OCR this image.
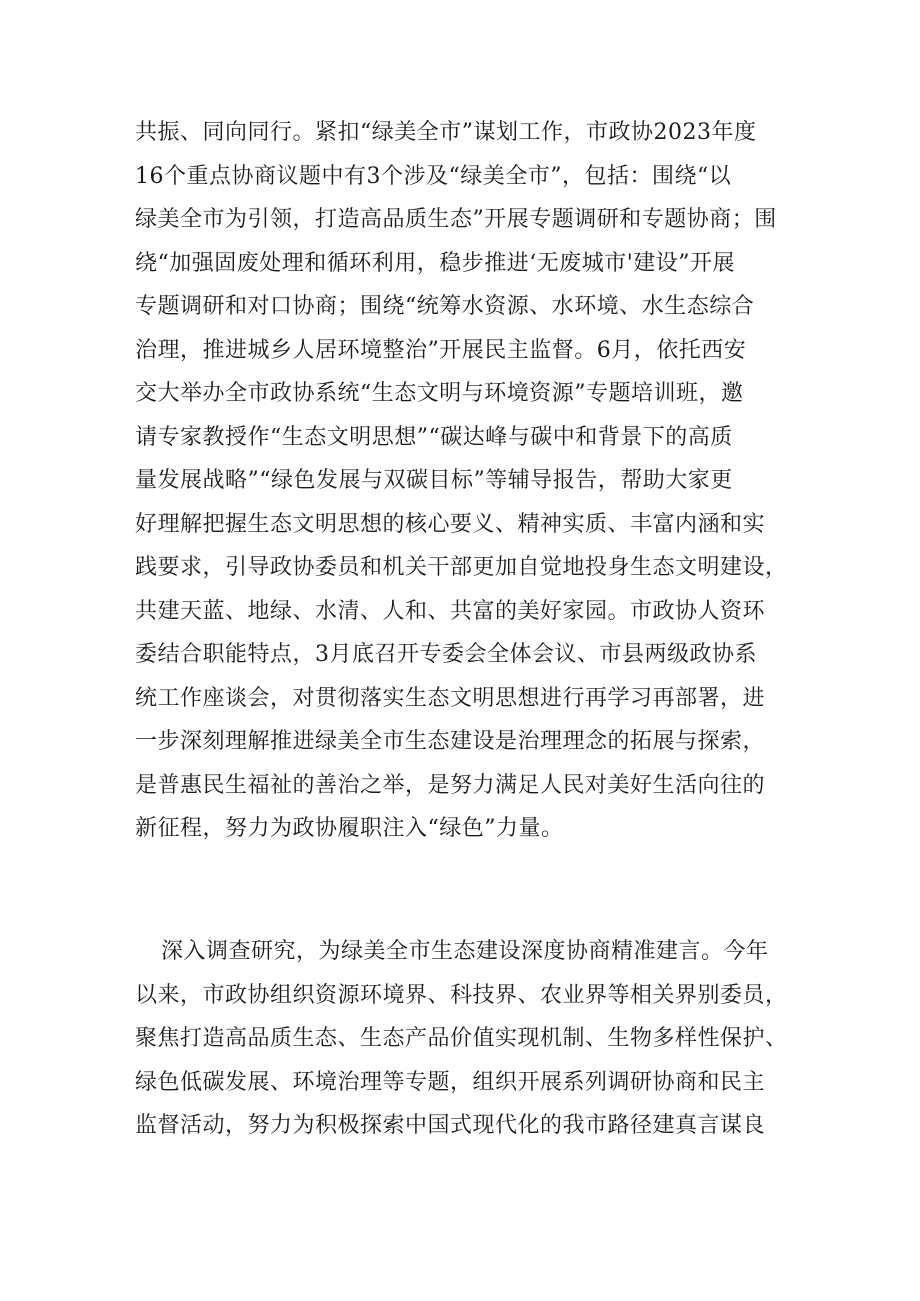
共振、同向同行。紧扣“绿美全市”谋划工作，市政协2023年度
16个重点协商议题中有3个涉及“绿美全市”，包括：围绕“以
绿美全市为引领，打造高品质生态”开展专题调研和专题协商；围
绕“加强固废处理和循环利用，稳步推进‘无废城市'建设”开展
专题调研和对口协商；围绕“统筹水资源、水环境、水生态综合
治理，推进城乡人居环境整治”开展民主监督。6月，依托西安
交大举办全市政协系统“生态文明与环境资源”专题培训班，邀
请专家教授作“生态文明思想”“碳达峰与碳中和背景下的高质
量发展战略”“绿色发展与双碳目标”等辅导报告，帮助大家更
好理解把握生态文明思想的核心要义、精神实质、丰富内涵和实
践要求，引导政协委员和机关干部更加自觉地投身生态文明建设，
共建天蓝、地绿、水清、人和、共富的美好家园。市政协人资环
委结合职能特点，3月底召开专委会全体会议、市县两级政协系
统工作座谈会，对贯彻落实生态文明思想进行再学习再部署，进
一步深刻理解推进绿美全市生态建设是治理理念的拓展与探索，
是普惠民生福祉的善治之举，是努力满足人民对美好生活向往的
新征程，努力为政协履职注入“绿色”力量。
深入调查研究，为绿美全市生态建设深度协商精准建言。今年
以来，市政协组织资源环境界、科技界、农业界等相关界别委员，
聚焦打造高品质生态、生态产品价值实现机制、生物多样性保护、
绿色低碳发展、环境治理等专题，组织开展系列调研协商和民主
监督活动，努力为积极探索中国式现代化的我市路径建真言谋良
